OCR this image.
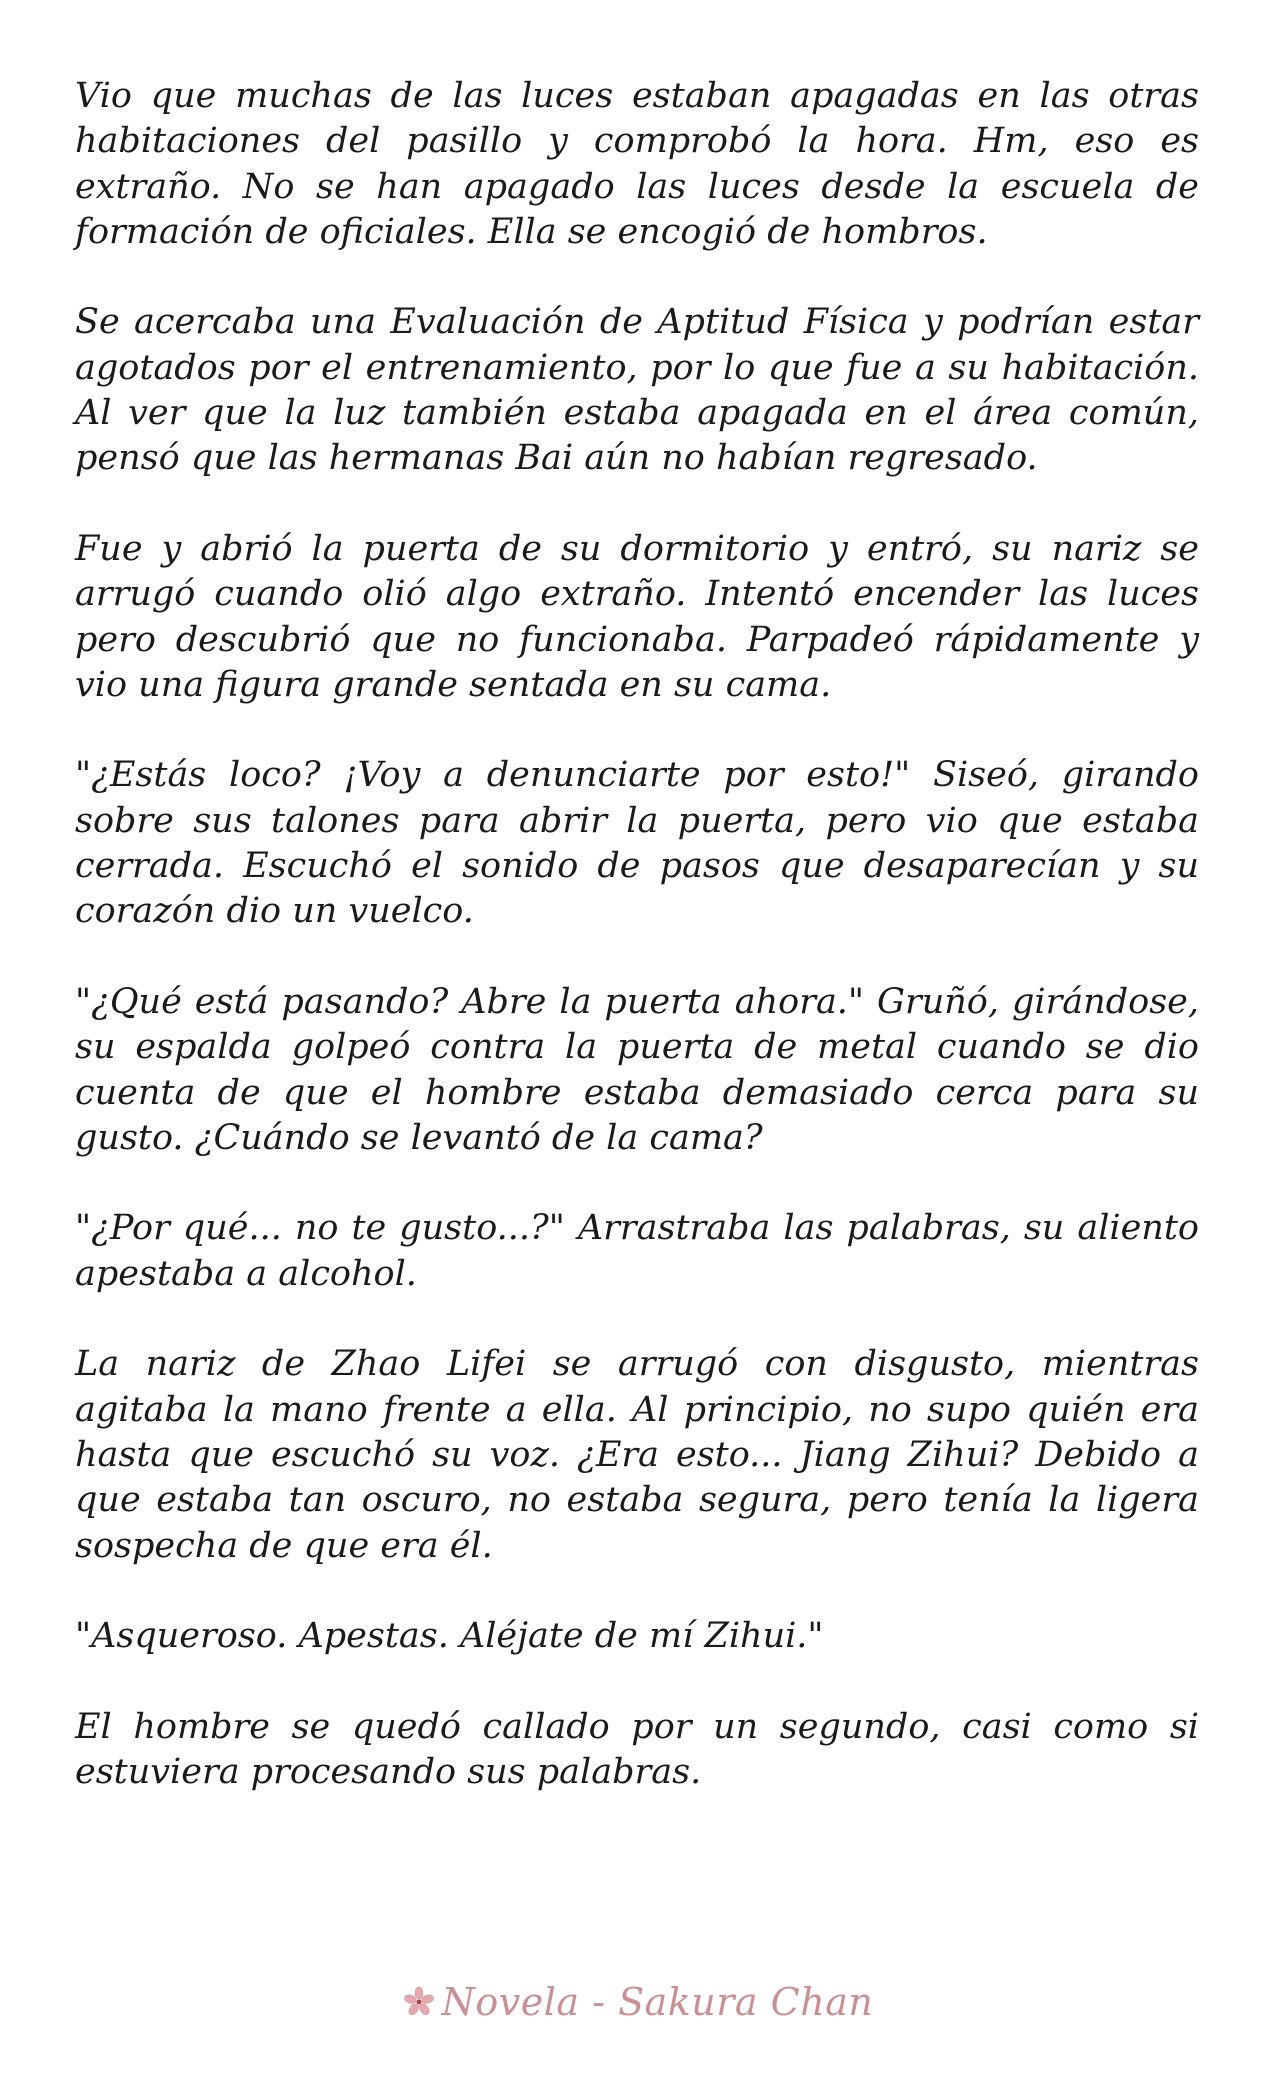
Vio que muchas de las luces estaban apagadas en las otras habitaciones del pasillo y comprobó la hora. Hm, eso es extraño. No se han apagado las luces desde la escuela de formación de oficiales. Ella se encogió de hombros.

Se acercaba una Evaluación de Aptitud Física y podrían estar agotados por el entrenamiento, por lo que fue a su habitación. Al ver que la luz también estaba apagada en el área común, pensó que las hermanas Bai aún no habían regresado.

Fue y abrió la puerta de su dormitorio y entró, su nariz se arrugó cuando olió algo extraño. Intentó encender las luces pero descubrió que no funcionaba. Parpadeó rápidamente y vio una figura grande sentada en su cama.

"¿Estás loco? ¡Voy a denunciarte por esto!" Siseó, girando sobre sus talones para abrir la puerta, pero vio que estaba cerrada. Escuchó el sonido de pasos que desaparecían y su corazón dio un vuelco.

"¿Qué está pasando? Abre la puerta ahora." Gruñó, girándose, su espalda golpeó contra la puerta de metal cuando se dio cuenta de que el hombre estaba demasiado cerca para su gusto. ¿Cuándo se levantó de la cama?

"¿Por qué... no te gusto...?" Arrastraba las palabras, su aliento apestaba a alcohol.

La nariz de Zhao Lifei se arrugó con disgusto, mientras agitaba la mano frente a ella. Al principio, no supo quién era hasta que escuchó su voz. ¿Era esto... Jiang Zihui? Debido a que estaba tan oscuro, no estaba segura, pero tenía la ligera sospecha de que era él.

"Asqueroso. Apestas. Aléjate de mí Zihui."

El hombre se quedó callado por un segundo, casi como si estuviera procesando sus palabras.

Novela - Sakura Chan
